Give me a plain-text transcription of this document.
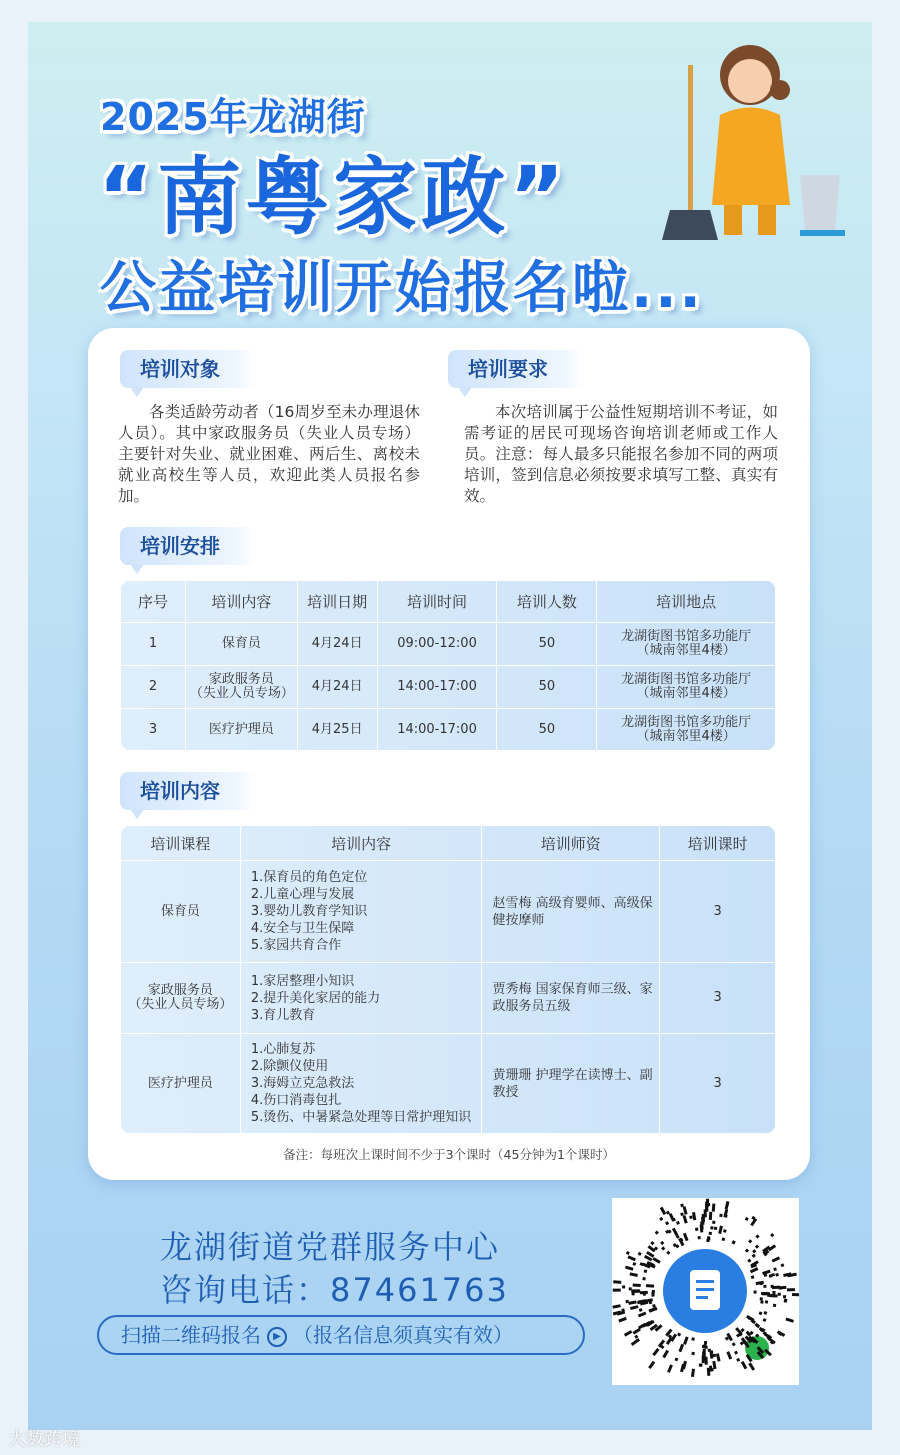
2025年龙湖街
“南粤家政”
公益培训开始报名啦...
培训对象
各类适龄劳动者（16周岁至未办理退休人员）。其中家政服务员（失业人员专场）主要针对失业、就业困难、两后生、离校未就业高校生等人员，欢迎此类人员报名参加。
培训要求
本次培训属于公益性短期培训不考证，如需考证的居民可现场咨询培训老师或工作人员。注意：每人最多只能报名参加不同的两项培训，签到信息必须按要求填写工整、真实有效。
培训安排
序号	培训内容	培训日期	培训时间	培训人数	培训地点
1	保育员	4月24日	09:00-12:00	50	龙湖街图书馆多功能厅
（城南邻里4楼）
2	家政服务员
（失业人员专场）	4月24日	14:00-17:00	50	龙湖街图书馆多功能厅
（城南邻里4楼）
3	医疗护理员	4月25日	14:00-17:00	50	龙湖街图书馆多功能厅
（城南邻里4楼）
培训内容
培训课程	培训内容	培训师资	培训课时
保育员	1.保育员的角色定位
2.儿童心理与发展
3.婴幼儿教育学知识
4.安全与卫生保障
5.家园共育合作	赵雪梅 高级育婴师、高级保健按摩师	3
家政服务员
（失业人员专场）	1.家居整理小知识
2.提升美化家居的能力
3.育儿教育	贾秀梅 国家保育师三级、家政服务员五级	3
医疗护理员	1.心肺复苏
2.除颤仪使用
3.海姆立克急救法
4.伤口消毒包扎
5.烫伤、中暑紧急处理等日常护理知识	黄珊珊 护理学在读博士、副教授	3
备注：每班次上课时间不少于3个课时（45分钟为1个课时）
龙湖街道党群服务中心
咨询电话：87461763
扫描二维码报名 ▶ （报名信息须真实有效）
大数跨境
